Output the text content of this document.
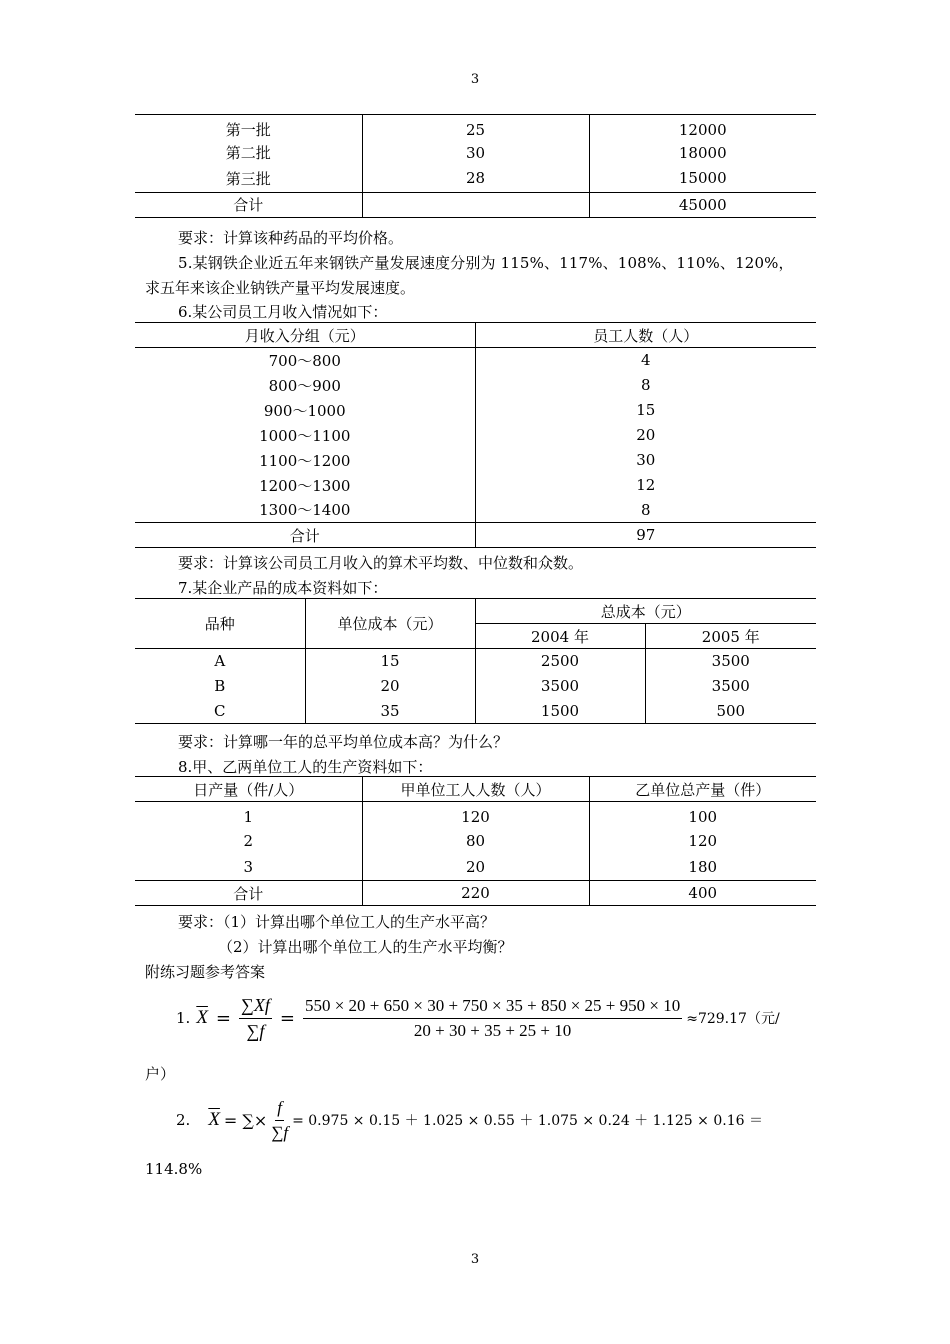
3
第一批	25	12000
第二批	30	18000
第三批	28	15000
合计		45000
要求：计算该种药品的平均价格。
5.某钢铁企业近五年来钢铁产量发展速度分别为 115%、117%、108%、110%、120%，
求五年来该企业钠铁产量平均发展速度。
6.某公司员工月收入情况如下：
月收入分组（元）	员工人数（人）
700～800	4
800～900	8
900～1000	15
1000～1100	20
1100～1200	30
1200～1300	12
1300～1400	8
合计	97
要求：计算该公司员工月收入的算术平均数、中位数和众数。
7.某企业产品的成本资料如下：
品种	单位成本（元）	总成本（元）	
		2004 年	2005 年
A	15	2500	3500
B	20	3500	3500
C	35	1500	500
要求：计算哪一年的总平均单位成本高？为什么？
8.甲、乙两单位工人的生产资料如下：
日产量（件/人）	甲单位工人人数（人）	乙单位总产量（件）
1	120	100
2	80	120
3	20	180
合计	220	400
要求：（1）计算出哪个单位工人的生产水平高？
（2）计算出哪个单位工人的生产水平均衡？
附练习题参考答案
1. $\overline{X} = \frac{\sum Xf}{\sum f} = \frac{550 \times 20 + 650 \times 30 + 750 \times 35 + 850 \times 25 + 950 \times 10}{20 + 30 + 35 + 25 + 10} \approx 729.17$（元/
户）
2. $\overline{X}$ = ∑× $\frac{f}{\sum f} = 0.975 \times 0.15 + 1.025 \times 0.55 + 1.075 \times 0.24 + 1.125 \times 0.16$ ＝
114.8%
3
